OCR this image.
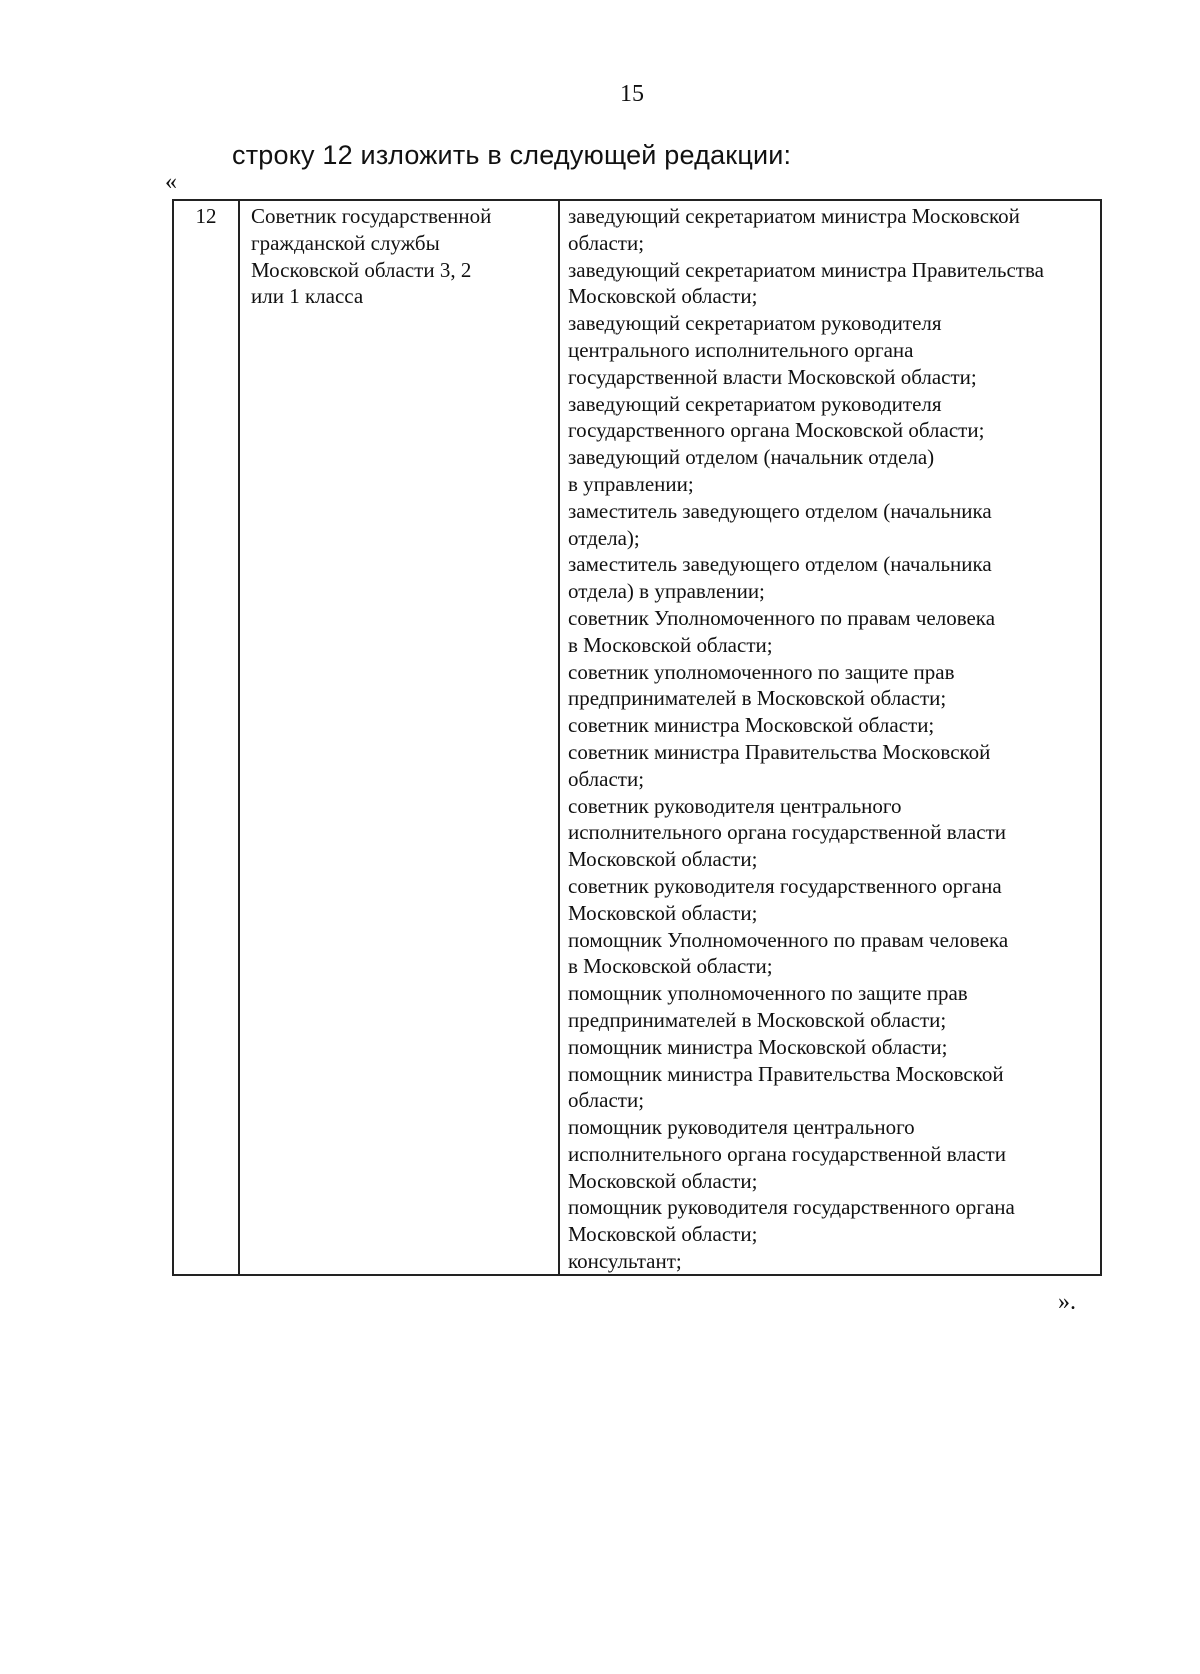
15
строку 12 изложить в следующей редакции:
«
12	Советник государственной
гражданской службы
Московской области 3, 2
или 1 класса
заведующий секретариатом министра Московской
области;
заведующий секретариатом министра Правительства
Московской области;
заведующий секретариатом руководителя
центрального исполнительного органа
государственной власти Московской области;
заведующий секретариатом руководителя
государственного органа Московской области;
заведующий отделом (начальник отдела)
в управлении;
заместитель заведующего отделом (начальника
отдела);
заместитель заведующего отделом (начальника
отдела) в управлении;
советник Уполномоченного по правам человека
в Московской области;
советник уполномоченного по защите прав
предпринимателей в Московской области;
советник министра Московской области;
советник министра Правительства Московской
области;
советник руководителя центрального
исполнительного органа государственной власти
Московской области;
советник руководителя государственного органа
Московской области;
помощник Уполномоченного по правам человека
в Московской области;
помощник уполномоченного по защите прав
предпринимателей в Московской области;
помощник министра Московской области;
помощник министра Правительства Московской
области;
помощник руководителя центрального
исполнительного органа государственной власти
Московской области;
помощник руководителя государственного органа
Московской области;
консультант;
».
